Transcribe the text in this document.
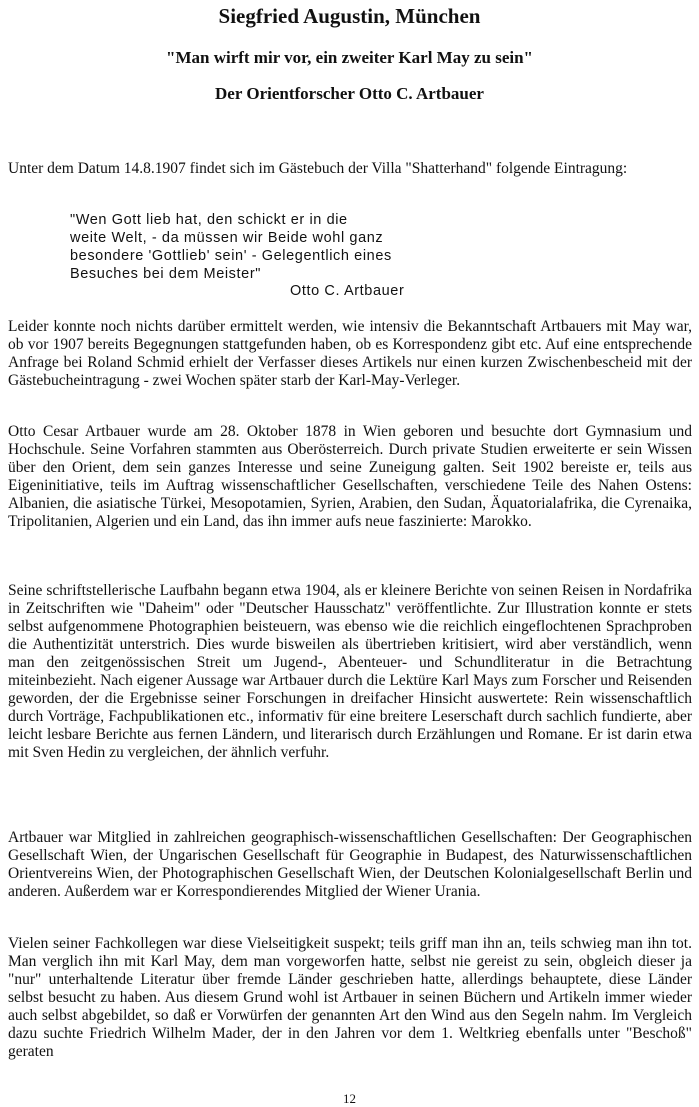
Siegfried Augustin, München
"Man wirft mir vor, ein zweiter Karl May zu sein"
Der Orientforscher Otto C. Artbauer
Unter dem Datum 14.8.1907 findet sich im Gästebuch der Villa "Shatterhand" folgende Eintragung:
"Wen Gott lieb hat, den schickt er in die
weite Welt, - da müssen wir Beide wohl ganz
besondere 'Gottlieb' sein' - Gelegentlich eines
Besuches bei dem Meister"
Otto C. Artbauer
Leider konnte noch nichts darüber ermittelt werden, wie intensiv die Bekanntschaft Artbauers mit May war, ob vor 1907 bereits Begegnungen stattgefunden haben, ob es Korrespondenz gibt etc. Auf eine entsprechende Anfrage bei Roland Schmid erhielt der Verfasser dieses Artikels nur einen kurzen Zwischenbescheid mit der Gästebucheintragung - zwei Wochen später starb der Karl-May-Verleger.
Otto Cesar Artbauer wurde am 28. Oktober 1878 in Wien geboren und besuchte dort Gymnasium und Hochschule. Seine Vorfahren stammten aus Oberösterreich. Durch private Studien erweiterte er sein Wissen über den Orient, dem sein ganzes Interesse und seine Zuneigung galten. Seit 1902 bereiste er, teils aus Eigeninitiative, teils im Auftrag wissenschaftlicher Gesellschaften, verschiedene Teile des Nahen Ostens: Albanien, die asiatische Türkei, Mesopotamien, Syrien, Arabien, den Sudan, Äquatorialafrika, die Cyrenaika, Tripolitanien, Algerien und ein Land, das ihn immer aufs neue faszinierte: Marokko.
Seine schriftstellerische Laufbahn begann etwa 1904, als er kleinere Berichte von seinen Reisen in Nordafrika in Zeitschriften wie "Daheim" oder "Deutscher Hausschatz" veröffentlichte. Zur Illustration konnte er stets selbst aufgenommene Photographien beisteuern, was ebenso wie die reichlich eingeflochtenen Sprachproben die Authentizität unterstrich. Dies wurde bisweilen als übertrieben kritisiert, wird aber verständlich, wenn man den zeitgenössischen Streit um Jugend-, Abenteuer- und Schundliteratur in die Betrachtung miteinbezieht. Nach eigener Aussage war Artbauer durch die Lektüre Karl Mays zum Forscher und Reisenden geworden, der die Ergebnisse seiner Forschungen in dreifacher Hinsicht auswertete: Rein wissenschaftlich durch Vorträge, Fachpublikationen etc., informativ für eine breitere Leserschaft durch sachlich fundierte, aber leicht lesbare Berichte aus fernen Ländern, und literarisch durch Erzählungen und Romane. Er ist darin etwa mit Sven Hedin zu vergleichen, der ähnlich verfuhr.
Artbauer war Mitglied in zahlreichen geographisch-wissenschaftlichen Gesellschaften: Der Geographischen Gesellschaft Wien, der Ungarischen Gesellschaft für Geographie in Budapest, des Naturwissenschaftlichen Orientvereins Wien, der Photographischen Gesellschaft Wien, der Deutschen Kolonialgesellschaft Berlin und anderen. Außerdem war er Korrespondierendes Mitglied der Wiener Urania.
Vielen seiner Fachkollegen war diese Vielseitigkeit suspekt; teils griff man ihn an, teils schwieg man ihn tot. Man verglich ihn mit Karl May, dem man vorgeworfen hatte, selbst nie gereist zu sein, obgleich dieser ja "nur" unterhaltende Literatur über fremde Länder geschrieben hatte, allerdings behauptete, diese Länder selbst besucht zu haben. Aus diesem Grund wohl ist Artbauer in seinen Büchern und Artikeln immer wieder auch selbst abgebildet, so daß er Vorwürfen der genannten Art den Wind aus den Segeln nahm. Im Vergleich dazu suchte Friedrich Wilhelm Mader, der in den Jahren vor dem 1. Weltkrieg ebenfalls unter "Beschoß" geraten
12
